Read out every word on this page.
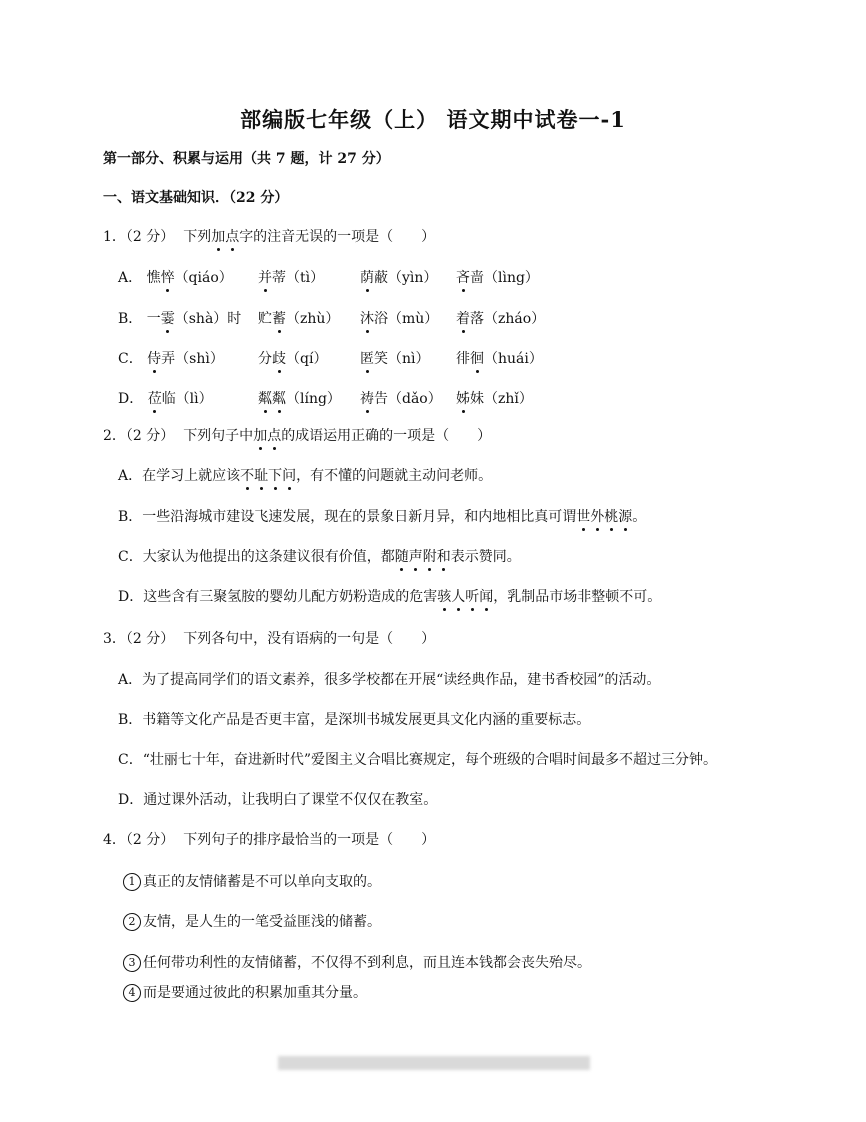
部编版七年级（上） 语文期中试卷一-1
第一部分、积累与运用（共 7 题，计 27 分）
一、语文基础知识．（22 分）
1．（2 分） 下列加点字的注音无误的一项是（　　）
A． 憔悴（qiáo） 并蒂（tì）	荫蔽（yìn） 吝啬（lìng）
B． 一霎（shà）时 贮蓄（zhù） 沐浴（mù） 着落（zháo）
C． 侍弄（shì） 分歧（qí） 匿笑（nì） 徘徊（huái）
D． 莅临（lì）	粼粼（líng） 祷告（dǎo） 姊妹（zhǐ）
2．（2 分） 下列句子中加点的成语运用正确的一项是（　　）
A．在学习上就应该不耻下问，有不懂的问题就主动问老师。
B．一些沿海城市建设飞速发展，现在的景象日新月异，和内地相比真可谓世外桃源。
C．大家认为他提出的这条建议很有价值，都随声附和表示赞同。
D．这些含有三聚氢胺的婴幼儿配方奶粉造成的危害骇人听闻，乳制品市场非整顿不可。
3．（2 分） 下列各句中，没有语病的一句是（　　）
A．为了提高同学们的语文素养，很多学校都在开展“读经典作品，建书香校园”的活动。
B．书籍等文化产品是否更丰富，是深圳书城发展更具文化内涵的重要标志。
C．“壮丽七十年，奋进新时代”爱图主义合唱比赛规定，每个班级的合唱时间最多不超过三分钟。
D．通过课外活动，让我明白了课堂不仅仅在教室。
4．（2 分） 下列句子的排序最恰当的一项是（　　）
1 真正的友情储蓄是不可以单向支取的。
2 友情，是人生的一笔受益匪浅的储蓄。
3 任何带功利性的友情储蓄，不仅得不到利息，而且连本钱都会丧失殆尽。
4 而是要通过彼此的积累加重其分量。
